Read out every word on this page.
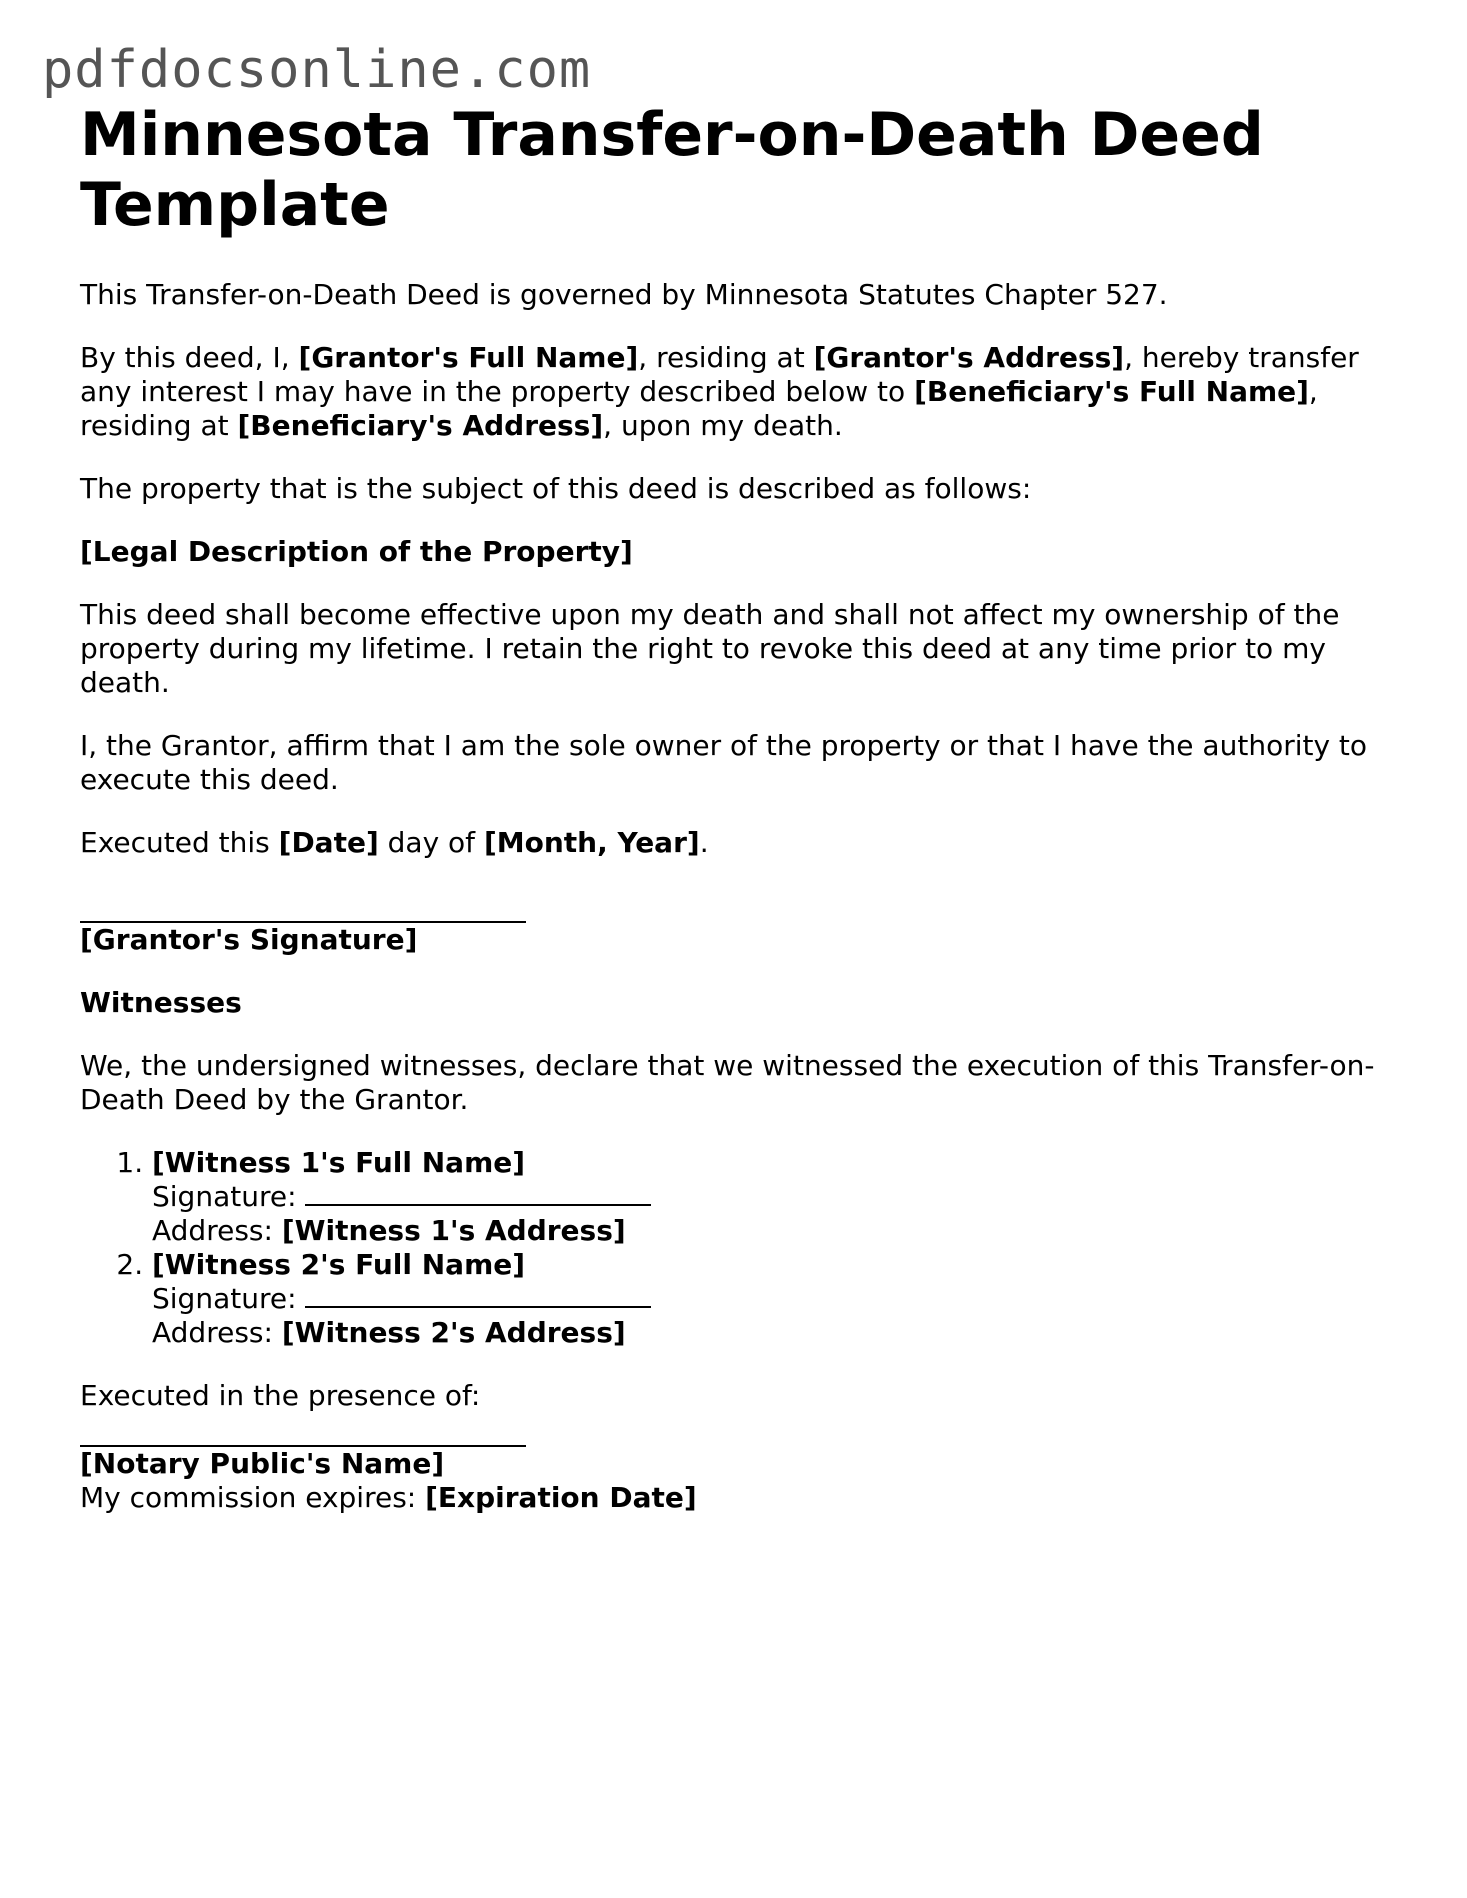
pdfdocsonline.com
Minnesota Transfer-on-Death Deed Template

This Transfer-on-Death Deed is governed by Minnesota Statutes Chapter 527.

By this deed, I, [Grantor's Full Name], residing at [Grantor's Address], hereby transfer any interest I may have in the property described below to [Beneficiary's Full Name], residing at [Beneficiary's Address], upon my death.

The property that is the subject of this deed is described as follows:

[Legal Description of the Property]

This deed shall become effective upon my death and shall not affect my ownership of the property during my lifetime. I retain the right to revoke this deed at any time prior to my death.

I, the Grantor, affirm that I am the sole owner of the property or that I have the authority to execute this deed.

Executed this [Date] day of [Month, Year].

[Grantor's Signature]

Witnesses

We, the undersigned witnesses, declare that we witnessed the execution of this Transfer-on-Death Deed by the Grantor.

1. [Witness 1's Full Name]
Signature:
Address: [Witness 1's Address]
2. [Witness 2's Full Name]
Signature:
Address: [Witness 2's Address]
Executed in the presence of:
[Notary Public's Name]
My commission expires: [Expiration Date]
